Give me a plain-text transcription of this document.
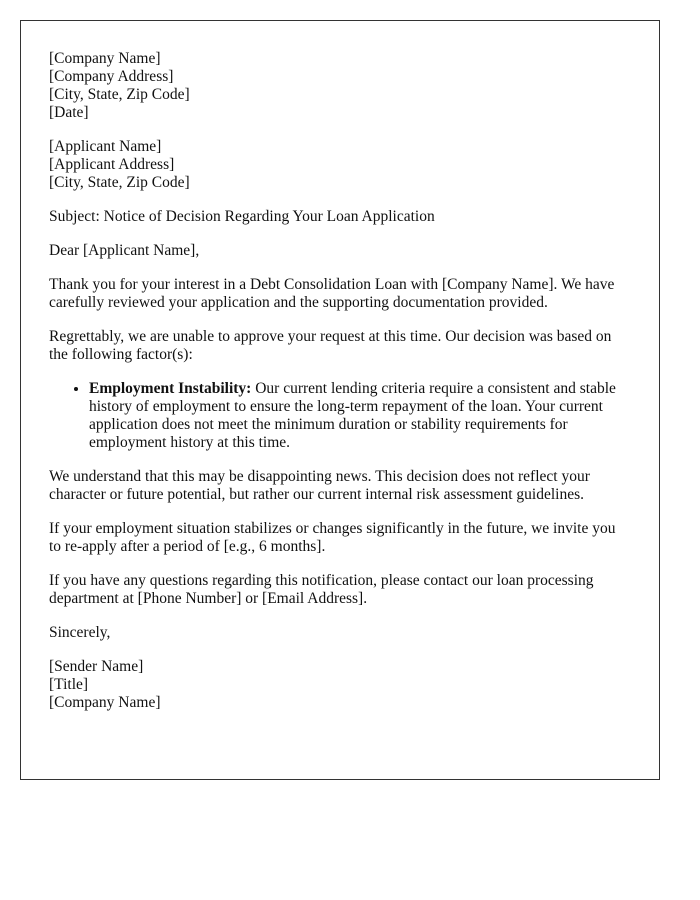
[Company Name]
[Company Address]
[City, State, Zip Code]
[Date]
[Applicant Name]
[Applicant Address]
[City, State, Zip Code]

Subject: Notice of Decision Regarding Your Loan Application

Dear [Applicant Name],

Thank you for your interest in a Debt Consolidation Loan with [Company Name]. We have carefully reviewed your application and the supporting documentation provided.

Regrettably, we are unable to approve your request at this time. Our decision was based on the following factor(s):

• Employment Instability: Our current lending criteria require a consistent and stable history of employment to ensure the long-term repayment of the loan. Your current application does not meet the minimum duration or stability requirements for employment history at this time.

We understand that this may be disappointing news. This decision does not reflect your character or future potential, but rather our current internal risk assessment guidelines.

If your employment situation stabilizes or changes significantly in the future, we invite you to re-apply after a period of [e.g., 6 months].

If you have any questions regarding this notification, please contact our loan processing department at [Phone Number] or [Email Address].

Sincerely,

[Sender Name]
[Title]
[Company Name]
